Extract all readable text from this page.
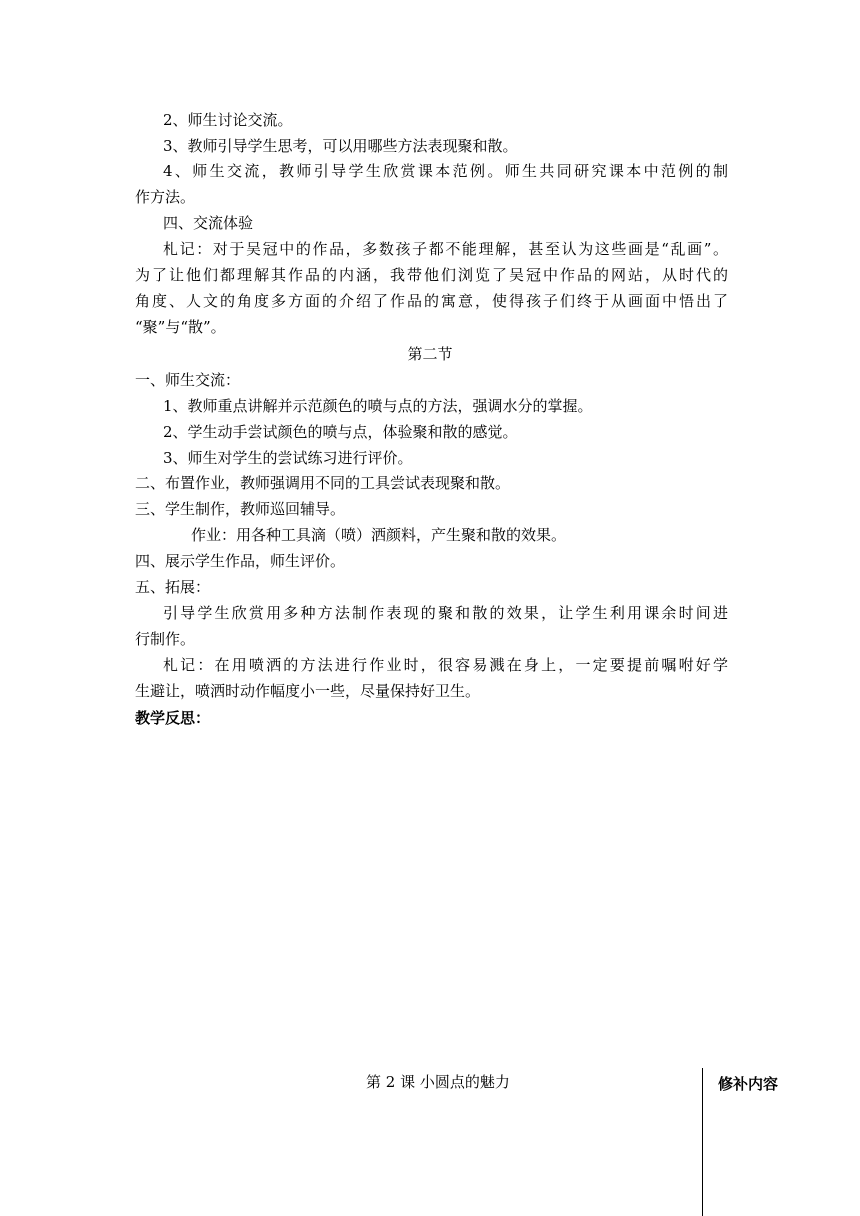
2、师生讨论交流。
3、教师引导学生思考，可以用哪些方法表现聚和散。
4、师生交流，教师引导学生欣赏课本范例。师生共同研究课本中范例的制
作方法。
四、交流体验
札记：对于吴冠中的作品，多数孩子都不能理解，甚至认为这些画是“乱画”。
为了让他们都理解其作品的内涵，我带他们浏览了吴冠中作品的网站，从时代的
角度、人文的角度多方面的介绍了作品的寓意，使得孩子们终于从画面中悟出了
“聚”与“散”。
第二节
一、师生交流：
1、教师重点讲解并示范颜色的喷与点的方法，强调水分的掌握。
2、学生动手尝试颜色的喷与点，体验聚和散的感觉。
3、师生对学生的尝试练习进行评价。
二、布置作业，教师强调用不同的工具尝试表现聚和散。
三、学生制作，教师巡回辅导。
作业：用各种工具滴（喷）洒颜料，产生聚和散的效果。
四、展示学生作品，师生评价。
五、拓展：
引导学生欣赏用多种方法制作表现的聚和散的效果，让学生利用课余时间进
行制作。
札记：在用喷洒的方法进行作业时，很容易溅在身上，一定要提前嘱咐好学
生避让，喷洒时动作幅度小一些，尽量保持好卫生。
教学反思：
第 2 课 小圆点的魅力	修补内容
